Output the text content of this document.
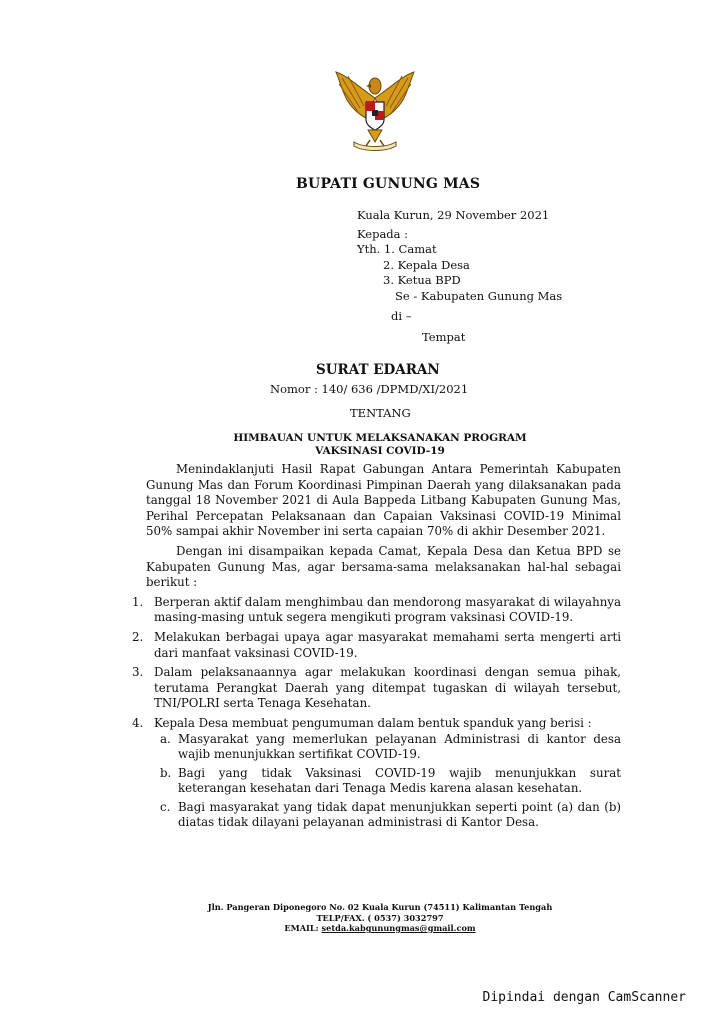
BUPATI GUNUNG MAS
Kuala Kurun, 29 November 2021
Kepada :
Yth. 1. Camat
2. Kepala Desa
3. Ketua BPD
Se - Kabupaten Gunung Mas
di –
Tempat
SURAT EDARAN
Nomor : 140/ 636 /DPMD/XI/2021
TENTANG
HIMBAUAN UNTUK MELAKSANAKAN PROGRAM
VAKSINASI COVID-19

Menindaklanjuti Hasil Rapat Gabungan Antara Pemerintah Kabupaten Gunung Mas dan Forum Koordinasi Pimpinan Daerah yang dilaksanakan pada tanggal 18 November 2021 di Aula Bappeda Litbang Kabupaten Gunung Mas, Perihal Percepatan Pelaksanaan dan Capaian Vaksinasi COVID-19 Minimal 50% sampai akhir November ini serta capaian 70% di akhir Desember 2021.

Dengan ini disampaikan kepada Camat, Kepala Desa dan Ketua BPD se Kabupaten Gunung Mas, agar bersama-sama melaksanakan hal-hal sebagai berikut :

1. Berperan aktif dalam menghimbau dan mendorong masyarakat di wilayahnya masing-masing untuk segera mengikuti program vaksinasi COVID-19.
2. Melakukan berbagai upaya agar masyarakat memahami serta mengerti arti dari manfaat vaksinasi COVID-19.
3. Dalam pelaksanaannya agar melakukan koordinasi dengan semua pihak, terutama Perangkat Daerah yang ditempat tugaskan di wilayah tersebut, TNI/POLRI serta Tenaga Kesehatan.
4. Kepala Desa membuat pengumuman dalam bentuk spanduk yang berisi :
a. Masyarakat yang memerlukan pelayanan Administrasi di kantor desa wajib menunjukkan sertifikat COVID-19.
b. Bagi yang tidak Vaksinasi COVID-19 wajib menunjukkan surat keterangan kesehatan dari Tenaga Medis karena alasan kesehatan.
c. Bagi masyarakat yang tidak dapat menunjukkan seperti point (a) dan (b) diatas tidak dilayani pelayanan administrasi di Kantor Desa.
Jln. Pangeran Diponegoro No. 02 Kuala Kurun (74511) Kalimantan Tengah
TELP/FAX. ( 0537) 3032797
EMAIL: setda.kabgunungmas@gmail.com
Dipindai dengan CamScanner
